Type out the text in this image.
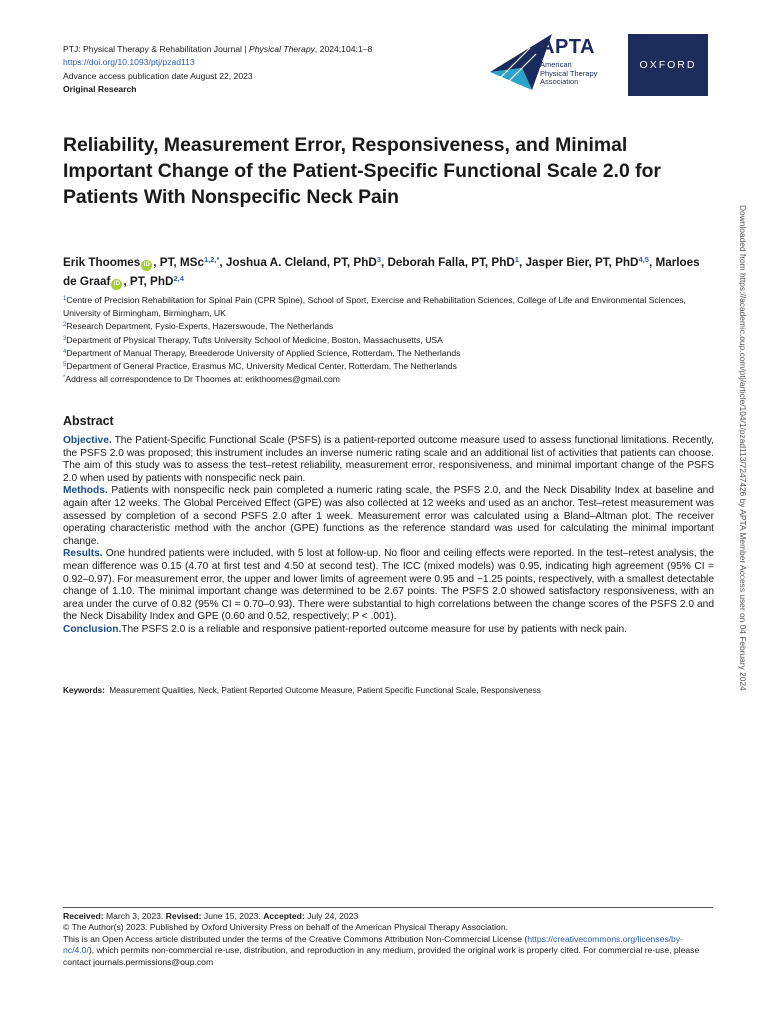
PTJ: Physical Therapy & Rehabilitation Journal | Physical Therapy, 2024;104:1–8
https://doi.org/10.1093/ptj/pzad113
Advance access publication date August 22, 2023
Original Research
APTA
American
Physical Therapy
Association
OXFORD
Reliability, Measurement Error, Responsiveness, and Minimal Important Change of the Patient-Specific Functional Scale 2.0 for Patients With Nonspecific Neck Pain
Erik Thoomes iD , PT, MSc$^{1,2,*}$, Joshua A. Cleland, PT, PhD$^3$, Deborah Falla, PT, PhD$^1$, Jasper Bier, PT, PhD$^{4,5}$, Marloes de Graaf iD , PT, PhD$^{2,4}$
$^1$Centre of Precision Rehabilitation for Spinal Pain (CPR Spine), School of Sport, Exercise and Rehabilitation Sciences, College of Life and Environmental Sciences, University of Birmingham, Birmingham, UK
$^2$Research Department, Fysio-Experts, Hazerswoude, The Netherlands
$^3$Department of Physical Therapy, Tufts University School of Medicine, Boston, Massachusetts, USA
$^4$Department of Manual Therapy, Breederode University of Applied Science, Rotterdam, The Netherlands
$^5$Department of General Practice, Erasmus MC, University Medical Center, Rotterdam, The Netherlands
*Address all correspondence to Dr Thoomes at: erikthoomes@gmail.com
Abstract

Objective. The Patient-Specific Functional Scale (PSFS) is a patient-reported outcome measure used to assess functional limitations. Recently, the PSFS 2.0 was proposed; this instrument includes an inverse numeric rating scale and an additional list of activities that patients can choose. The aim of this study was to assess the test–retest reliability, measurement error, responsiveness, and minimal important change of the PSFS 2.0 when used by patients with nonspecific neck pain.

Methods. Patients with nonspecific neck pain completed a numeric rating scale, the PSFS 2.0, and the Neck Disability Index at baseline and again after 12 weeks. The Global Perceived Effect (GPE) was also collected at 12 weeks and used as an anchor. Test–retest measurement was assessed by completion of a second PSFS 2.0 after 1 week. Measurement error was calculated using a Bland–Altman plot. The receiver operating characteristic method with the anchor (GPE) functions as the reference standard was used for calculating the minimal important change.

Results. One hundred patients were included, with 5 lost at follow-up. No floor and ceiling effects were reported. In the test–retest analysis, the mean difference was 0.15 (4.70 at first test and 4.50 at second test). The ICC (mixed models) was 0.95, indicating high agreement (95% CI = 0.92–0.97). For measurement error, the upper and lower limits of agreement were 0.95 and −1.25 points, respectively, with a smallest detectable change of 1.10. The minimal important change was determined to be 2.67 points. The PSFS 2.0 showed satisfactory responsiveness, with an area under the curve of 0.82 (95% CI = 0.70–0.93). There were substantial to high correlations between the change scores of the PSFS 2.0 and the Neck Disability Index and GPE (0.60 and 0.52, respectively; P < .001).

Conclusion.The PSFS 2.0 is a reliable and responsive patient-reported outcome measure for use by patients with neck pain.

Keywords: Measurement Qualities, Neck, Patient Reported Outcome Measure, Patient Specific Functional Scale, Responsiveness	Downloaded from https://academic.oup.com/ptj/article/104/1/pzad113/7247426 by APTA Member Access user on 04 February 2024

Received: March 3, 2023. Revised: June 15, 2023. Accepted: July 24, 2023

© The Author(s) 2023. Published by Oxford University Press on behalf of the American Physical Therapy Association.

This is an Open Access article distributed under the terms of the Creative Commons Attribution Non-Commercial License (https://creativecommons.org/licenses/by-nc/4.0/), which permits non-commercial re-use, distribution, and reproduction in any medium, provided the original work is properly cited. For commercial re-use, please contact journals.permissions@oup.com
